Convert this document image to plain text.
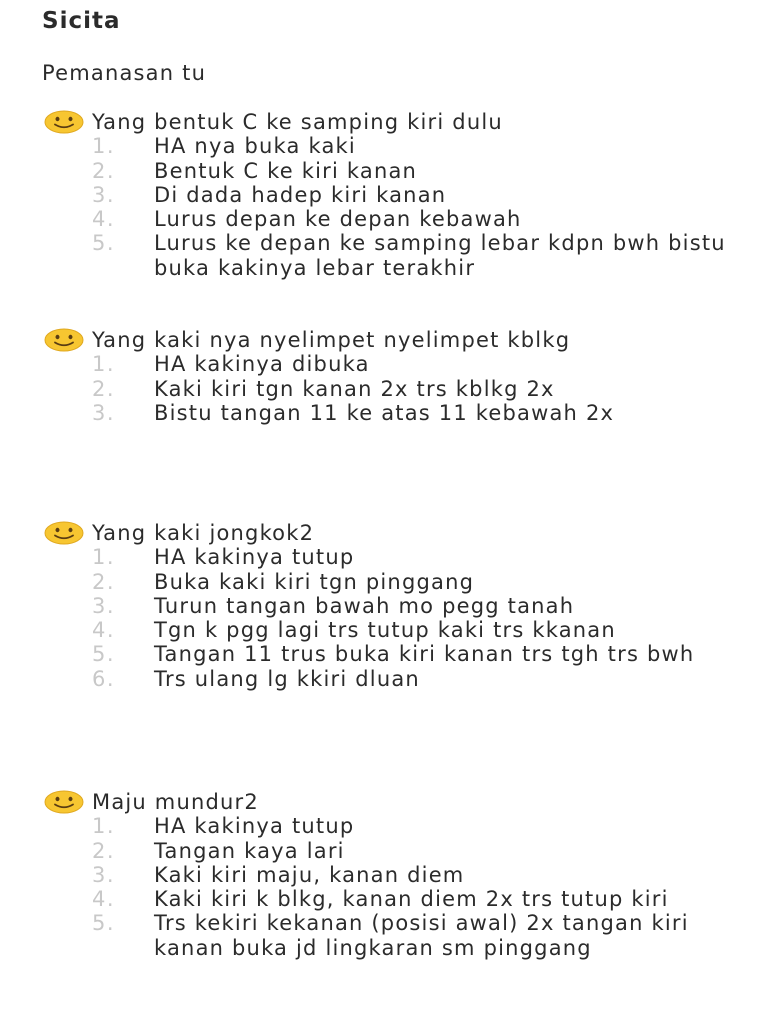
Sicita
Pemanasan tu
Yang bentuk C ke samping kiri dulu
1.	HA nya buka kaki
2.	Bentuk C ke kiri kanan
3.	Di dada hadep kiri kanan
4.	Lurus depan ke depan kebawah
5.	Lurus ke depan ke samping lebar kdpn bwh bistu buka kakinya lebar terakhir
Yang kaki nya nyelimpet nyelimpet kblkg
1.	HA kakinya dibuka
2.	Kaki kiri tgn kanan 2x trs kblkg 2x
3.	Bistu tangan 11 ke atas 11 kebawah 2x
Yang kaki jongkok2
1.	HA kakinya tutup
2.	Buka kaki kiri tgn pinggang
3.	Turun tangan bawah mo pegg tanah
4.	Tgn k pgg lagi trs tutup kaki trs kkanan
5.	Tangan 11 trus buka kiri kanan trs tgh trs bwh
6.	Trs ulang lg kkiri dluan
Maju mundur2
1.	HA kakinya tutup
2.	Tangan kaya lari
3.	Kaki kiri maju, kanan diem
4.	Kaki kiri k blkg, kanan diem 2x trs tutup kiri
5.	Trs kekiri kekanan (posisi awal) 2x tangan kiri kanan buka jd lingkaran sm pinggang
